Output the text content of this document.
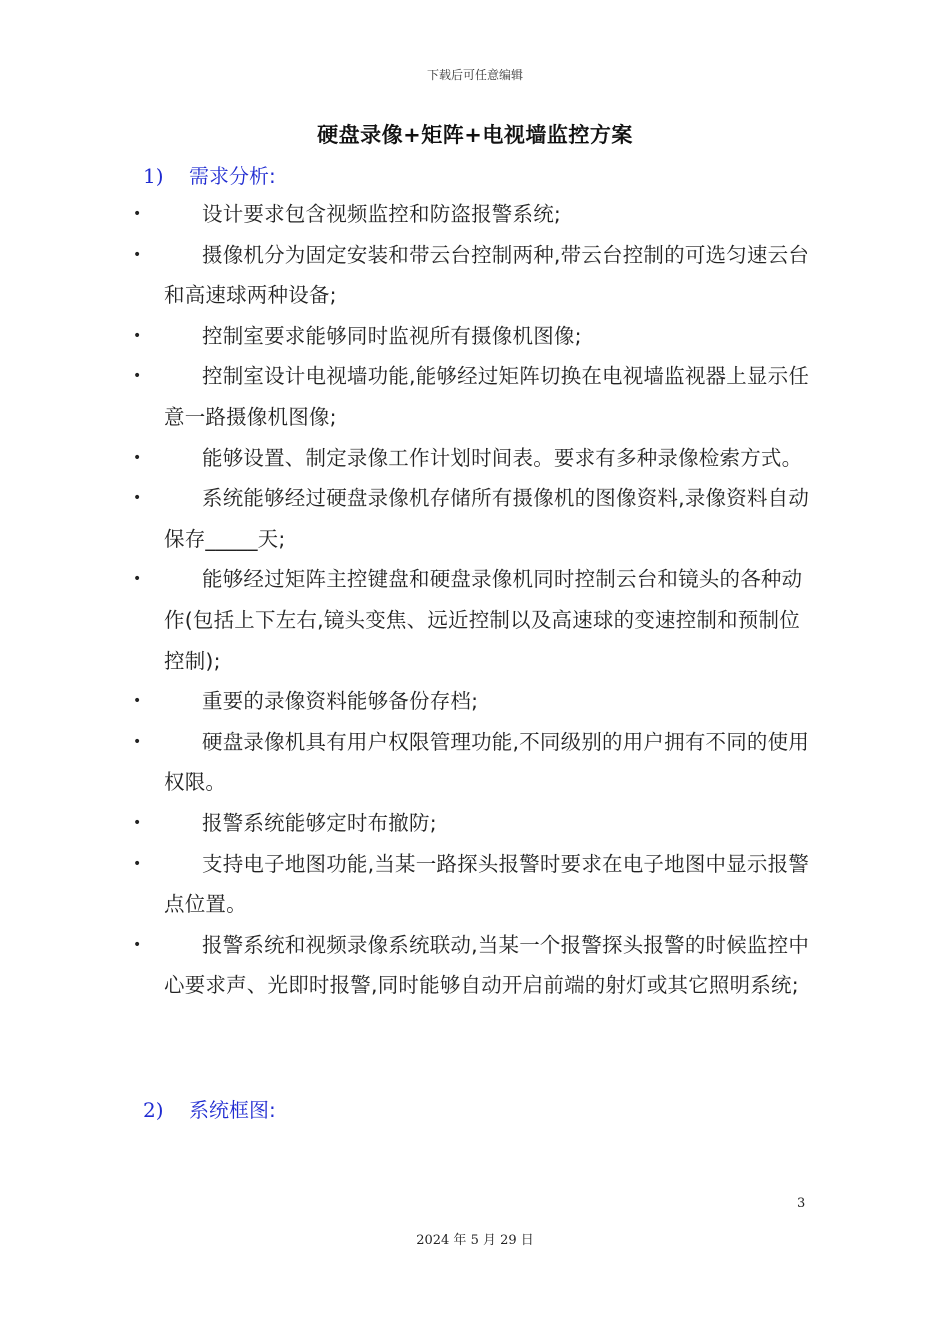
下载后可任意编辑
硬盘录像+矩阵+电视墙监控方案
1)	需求分析:
•	设计要求包含视频监控和防盗报警系统;
•	摄像机分为固定安装和带云台控制两种,带云台控制的可选匀速云台和高速球两种设备;
•	控制室要求能够同时监视所有摄像机图像;
•	控制室设计电视墙功能,能够经过矩阵切换在电视墙监视器上显示任意一路摄像机图像;
•	能够设置、制定录像工作计划时间表。要求有多种录像检索方式。
•	系统能够经过硬盘录像机存储所有摄像机的图像资料,录像资料自动保存_____天;
•	能够经过矩阵主控键盘和硬盘录像机同时控制云台和镜头的各种动作(包括上下左右,镜头变焦、远近控制以及高速球的变速控制和预制位控制);
•	重要的录像资料能够备份存档;
•	硬盘录像机具有用户权限管理功能,不同级别的用户拥有不同的使用权限。
•	报警系统能够定时布撤防;
•	支持电子地图功能,当某一路探头报警时要求在电子地图中显示报警点位置。
•	报警系统和视频录像系统联动,当某一个报警探头报警的时候监控中心要求声、光即时报警,同时能够自动开启前端的射灯或其它照明系统;
2)	系统框图:
3
2024 年 5 月 29 日
